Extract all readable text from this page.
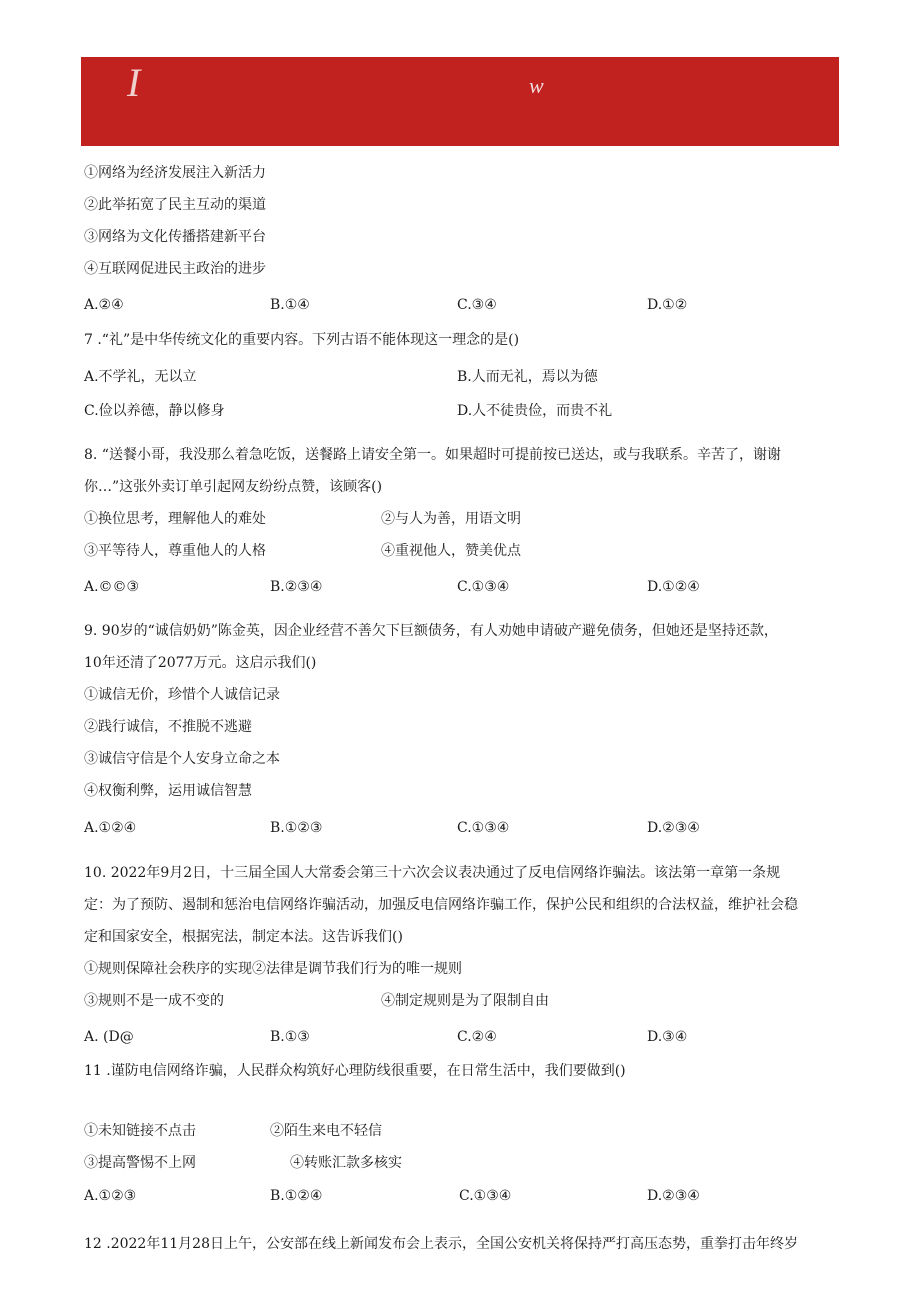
I	w
①网络为经济发展注入新活力
②此举拓宽了民主互动的渠道
③网络为文化传播搭建新平台
④互联网促进民主政治的进步
A.②④	B.①④	C.③④	D.①②
7 .“礼”是中华传统文化的重要内容。下列古语不能体现这一理念的是()
A.不学礼，无以立	B.人而无礼，焉以为德
C.俭以养德，静以修身	D.人不徒贵俭，而贵不礼
8. “送餐小哥，我没那么着急吃饭，送餐路上请安全第一。如果超时可提前按已送达，或与我联系。辛苦了，谢谢
你…”这张外卖订单引起网友纷纷点赞，该顾客()
①换位思考，理解他人的难处	②与人为善，用语文明
③平等待人，尊重他人的人格	④重视他人，赞美优点
A.©©③	B.②③④	C.①③④	D.①②④
9. 90岁的“诚信奶奶”陈金英，因企业经营不善欠下巨额债务，有人劝她申请破产避免债务，但她还是坚持还款，
10年还清了2077万元。这启示我们()
①诚信无价，珍惜个人诚信记录
②践行诚信，不推脱不逃避
③诚信守信是个人安身立命之本
④权衡利弊，运用诚信智慧
A.①②④	B.①②③	C.①③④	D.②③④
10. 2022年9月2日，十三届全国人大常委会第三十六次会议表决通过了反电信网络诈骗法。该法第一章第一条规
定：为了预防、遏制和惩治电信网络诈骗活动，加强反电信网络诈骗工作，保护公民和组织的合法权益，维护社会稳
定和国家安全，根据宪法，制定本法。这告诉我们()
①规则保障社会秩序的实现②法律是调节我们行为的唯一规则
③规则不是一成不变的	④制定规则是为了限制自由
A. (D@	B.①③	C.②④	D.③④
11 .谨防电信网络诈骗，人民群众构筑好心理防线很重要，在日常生活中，我们要做到()
①未知链接不点击	②陌生来电不轻信
③提高警惕不上网	④转账汇款多核实
A.①②③	B.①②④	C.①③④	D.②③④
12 .2022年11月28日上午，公安部在线上新闻发布会上表示，全国公安机关将保持严打高压态势，重拳打击年终岁
